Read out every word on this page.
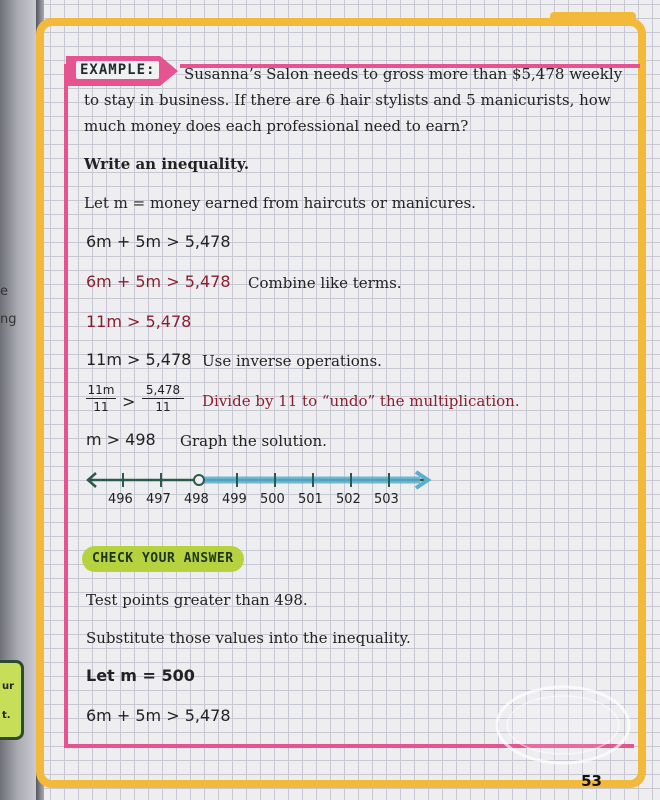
e
ng
ur
t.
EXAMPLE: Susanna’s Salon needs to gross more than $5,478 weekly
to stay in business. If there are 6 hair stylists and 5 manicurists, how
much money does each professional need to earn?
Write an inequality.
Let m = money earned from haircuts or manicures.
6m + 5m > 5,478
6m + 5m > 5,478 Combine like terms.
11m > 5,478
11m > 5,478 Use inverse operations.
11m
11 >
5,478
11	Divide by 11 to “undo” the multiplication.
m > 498 Graph the solution.
496 497 498 499 500 501 502 503
CHECK YOUR ANSWER
Test points greater than 498.
Substitute those values into the inequality.
Let m = 500
6m + 5m > 5,478
53
